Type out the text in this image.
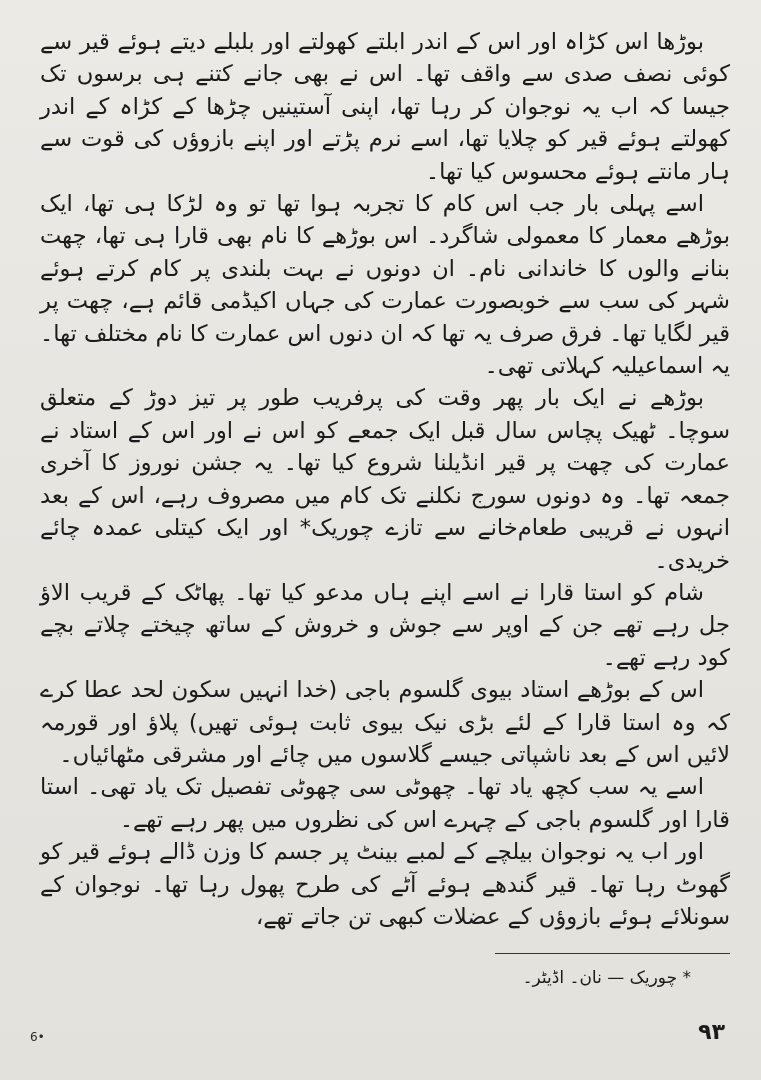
بوڑھا اس کڑاہ اور اس کے اندر ابلتے کھولتے اور بلبلے دیتے ہوئے قیر سے کوئی نصف صدی سے واقف تھا۔ اس نے بھی جانے کتنے ہی برسوں تک جیسا کہ اب یہ نوجوان کر رہا تھا، اپنی آستینیں چڑھا کے کڑاہ کے اندر کھولتے ہوئے قیر کو چلایا تھا، اسے نرم پڑتے اور اپنے بازوؤں کی قوت سے ہار مانتے ہوئے محسوس کیا تھا۔

اسے پہلی بار جب اس کام کا تجربہ ہوا تھا تو وہ لڑکا ہی تھا، ایک بوڑھے معمار کا معمولی شاگرد۔ اس بوڑھے کا نام بھی قارا ہی تھا، چھت بنانے والوں کا خاندانی نام۔ ان دونوں نے بہت بلندی پر کام کرتے ہوئے شہر کی سب سے خوبصورت عمارت کی جہاں اکیڈمی قائم ہے، چھت پر قیر لگایا تھا۔ فرق صرف یہ تھا کہ ان دنوں اس عمارت کا نام مختلف تھا۔ یہ اسماعیلیہ کہلاتی تھی۔

بوڑھے نے ایک بار پھر وقت کی پرفریب طور پر تیز دوڑ کے متعلق سوچا۔ ٹھیک پچاس سال قبل ایک جمعے کو اس نے اور اس کے استاد نے عمارت کی چھت پر قیر انڈیلنا شروع کیا تھا۔ یہ جشن نوروز کا آخری جمعہ تھا۔ وہ دونوں سورج نکلنے تک کام میں مصروف رہے، اس کے بعد انہوں نے قریبی طعام‌خانے سے تازے چوریک* اور ایک کیتلی عمدہ چائے خریدی۔

شام کو استا قارا نے اسے اپنے ہاں مدعو کیا تھا۔ پھاٹک کے قریب الاؤ جل رہے تھے جن کے اوپر سے جوش و خروش کے ساتھ چیختے چلاتے بچے کود رہے تھے۔

اس کے بوڑھے استاد بیوی گلسوم باجی (خدا انہیں سکون لحد عطا کرے کہ وہ استا قارا کے لئے بڑی نیک بیوی ثابت ہوئی تھیں) پلاؤ اور قورمہ لائیں اس کے بعد ناشپاتی جیسے گلاسوں میں چائے اور مشرقی مٹھائیاں۔

اسے یہ سب کچھ یاد تھا۔ چھوٹی سی چھوٹی تفصیل تک یاد تھی۔ استا قارا اور گلسوم باجی کے چہرے اس کی نظروں میں پھر رہے تھے۔

اور اب یہ نوجوان بیلچے کے لمبے بینٹ پر جسم کا وزن ڈالے ہوئے قیر کو گھوٹ رہا تھا۔ قیر گندھے ہوئے آٹے کی طرح پھول رہا تھا۔ نوجوان کے سونلائے ہوئے بازوؤں کے عضلات کبھی تن جاتے تھے،

* چوریک — نان۔ اڈیٹر۔
6•	۹۳
